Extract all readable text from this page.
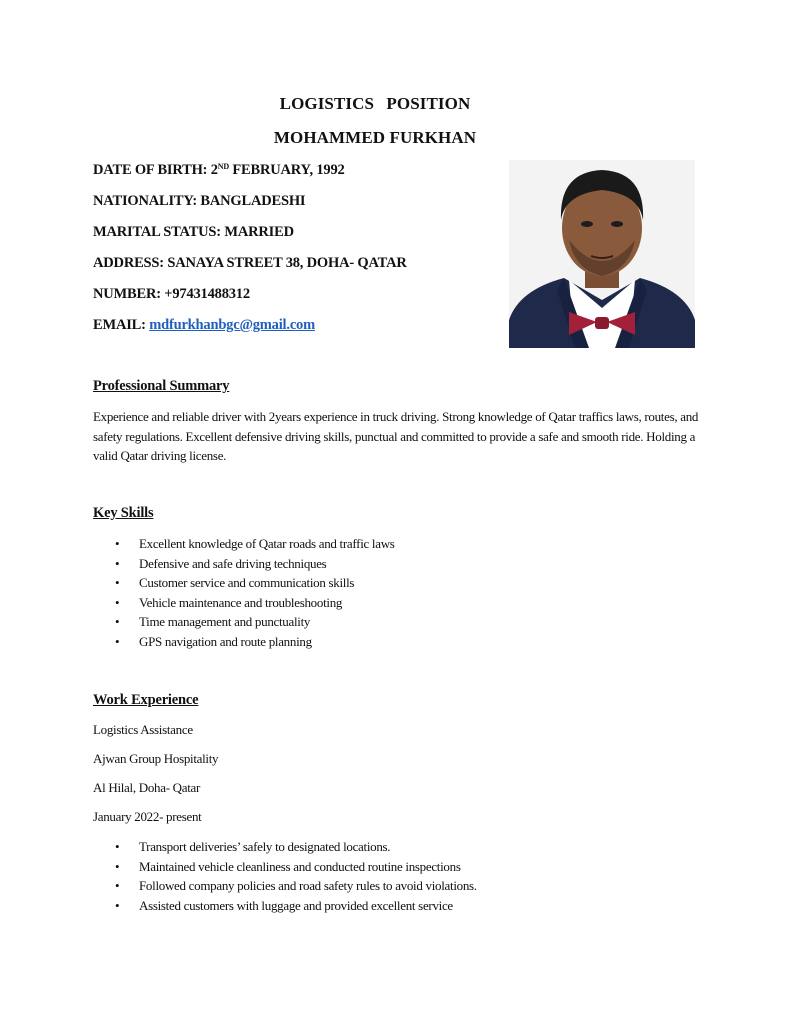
LOGISTICS POSITION
MOHAMMED FURKHAN
DATE OF BIRTH: 2ND FEBRUARY, 1992
NATIONALITY: BANGLADESHI
MARITAL STATUS: MARRIED
ADDRESS: SANAYA STREET 38, DOHA- QATAR
NUMBER: +97431488312
EMAIL: mdfurkhanbgc@gmail.com
Professional Summary

Experience and reliable driver with 2years experience in truck driving. Strong knowledge of Qatar traffics laws, routes, and safety regulations. Excellent defensive driving skills, punctual and committed to provide a safe and smooth ride. Holding a valid Qatar driving license.

Key Skills
• Excellent knowledge of Qatar roads and traffic laws
• Defensive and safe driving techniques
• Customer service and communication skills
• Vehicle maintenance and troubleshooting
• Time management and punctuality
• GPS navigation and route planning
Work Experience
Logistics Assistance
Ajwan Group Hospitality
Al Hilal, Doha- Qatar
January 2022- present
• Transport deliveries’ safely to designated locations.
• Maintained vehicle cleanliness and conducted routine inspections
• Followed company policies and road safety rules to avoid violations.
• Assisted customers with luggage and provided excellent service
